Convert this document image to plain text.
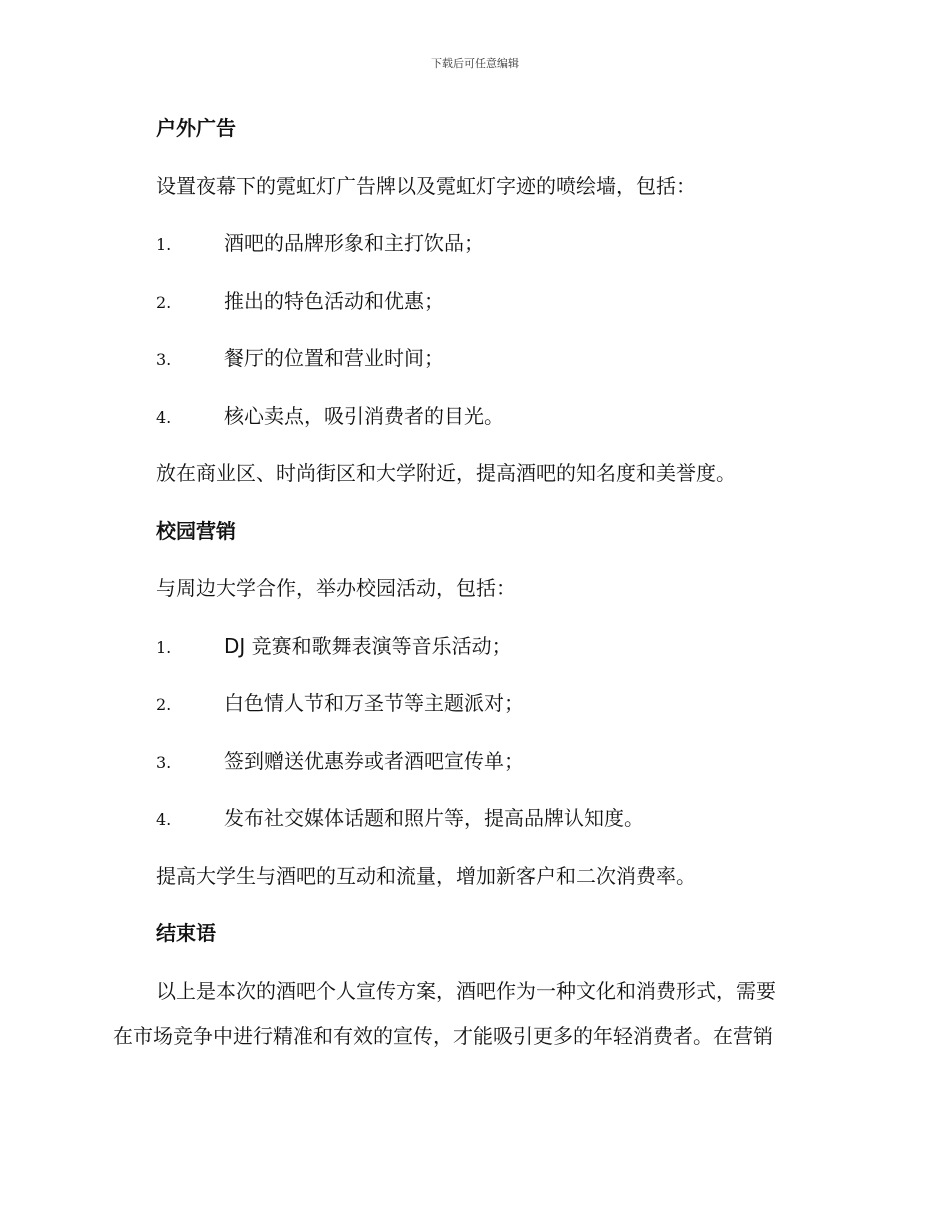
下载后可任意编辑
户外广告
设置夜幕下的霓虹灯广告牌以及霓虹灯字迹的喷绘墙，包括：
1.	酒吧的品牌形象和主打饮品；
2.	推出的特色活动和优惠；
3.	餐厅的位置和营业时间；
4.	核心卖点，吸引消费者的目光。
放在商业区、时尚街区和大学附近，提高酒吧的知名度和美誉度。
校园营销
与周边大学合作，举办校园活动，包括：
1.	DJ 竞赛和歌舞表演等音乐活动；
2.	白色情人节和万圣节等主题派对；
3.	签到赠送优惠券或者酒吧宣传单；
4.	发布社交媒体话题和照片等，提高品牌认知度。
提高大学生与酒吧的互动和流量，增加新客户和二次消费率。
结束语
以上是本次的酒吧个人宣传方案，酒吧作为一种文化和消费形式，需要
在市场竞争中进行精准和有效的宣传，才能吸引更多的年轻消费者。在营销
